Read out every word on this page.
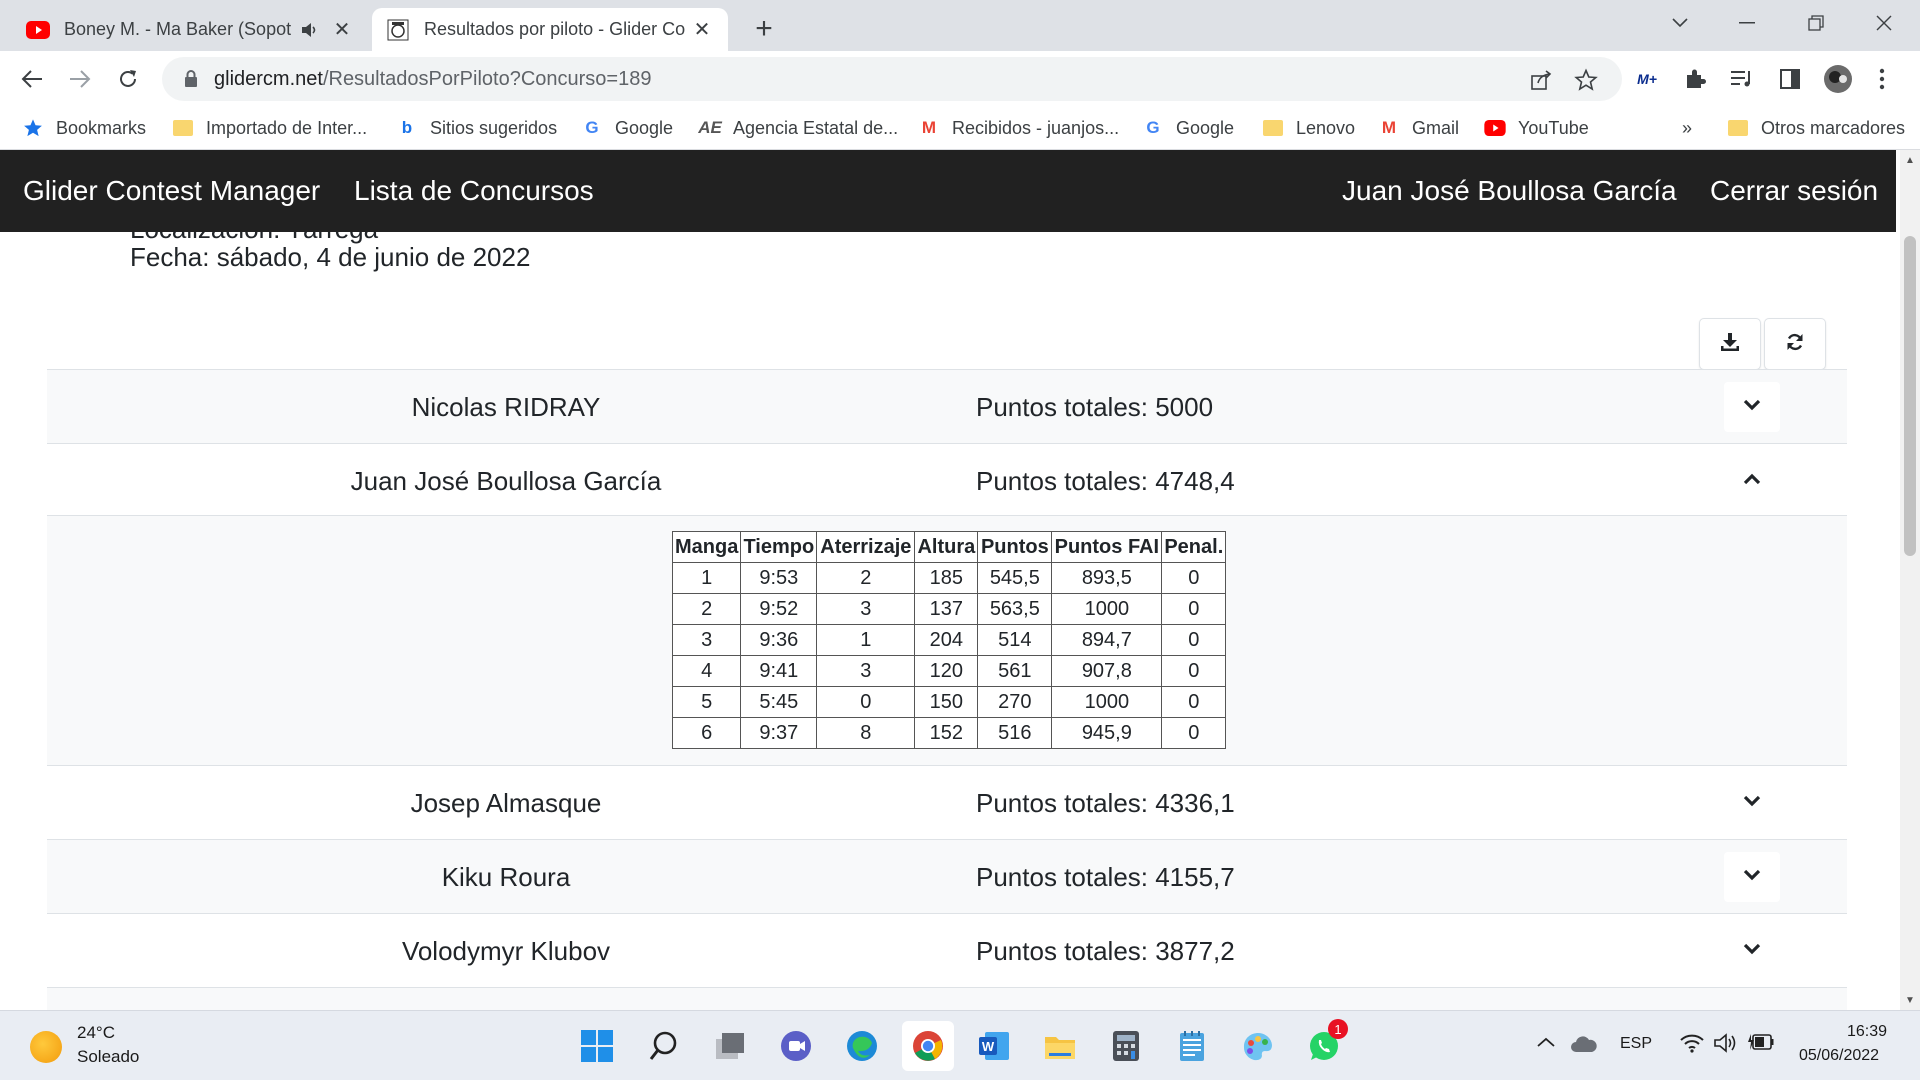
Boney M. - Ma Baker (Sopot	✕	Resultados por piloto - Glider Co ✕	+
glidercm.net/ResultadosPorPiloto?Concurso=189	M+
Bookmarks	Importado de Inter...	b Sitios sugeridos G Google AE Agencia Estatal de... M Recibidos - juanjos... G Google	Lenovo M Gmail	YouTube	»	Otros marcadores
Glider Contest Manager Lista de Concursos	Juan José Boullosa García Cerrar sesión
Fecha: sábado, 4 de junio de 2022
Nicolas RIDRAY	Puntos totales: 5000
Juan José Boullosa García	Puntos totales: 4748,4
Manga	Tiempo	Aterrizaje	Altura	Puntos	Puntos FAI	Penal.
1	9:53	2	185	545,5	893,5	0
2	9:52	3	137	563,5	1000	0
3	9:36	1	204	514	894,7	0
4	9:41	3	120	561	907,8	0
5	5:45	0	150	270	1000	0
6	9:37	8	152	516	945,9	0
Josep Almasque	Puntos totales: 4336,1
Kiku Roura	Puntos totales: 4155,7
Volodymyr Klubov	Puntos totales: 3877,2
▲
▼
24°C
Soleado
W
1
ESP
16:39
05/06/2022
